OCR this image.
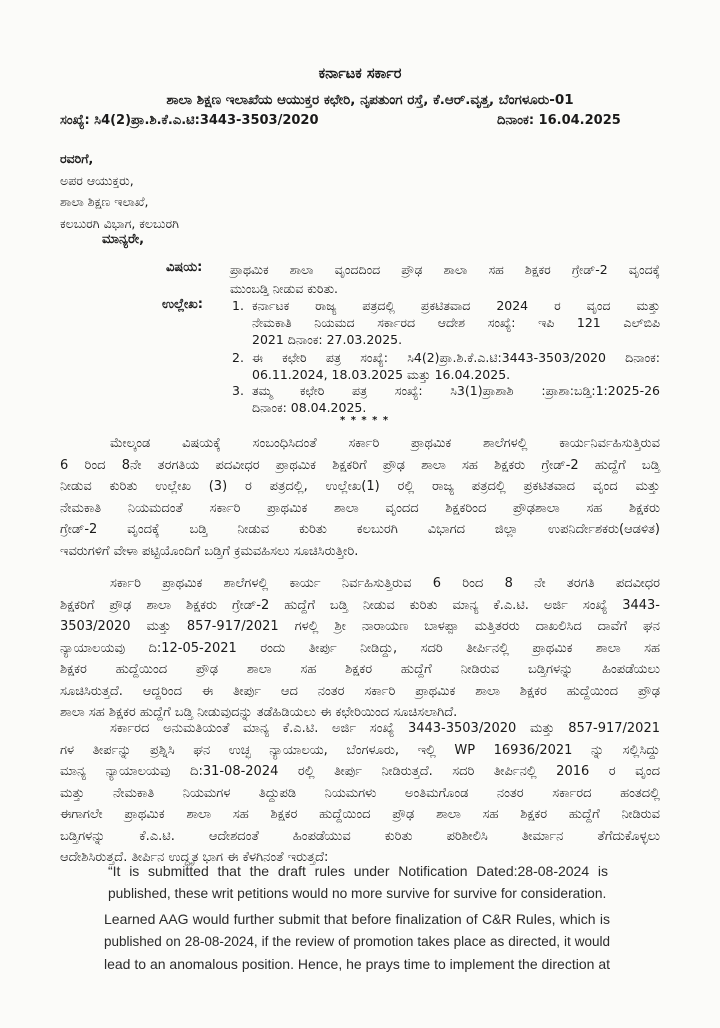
ಕರ್ನಾಟಕ ಸರ್ಕಾರ
ಶಾಲಾ ಶಿಕ್ಷಣ ಇಲಾಖೆಯ ಆಯುಕ್ತರ ಕಛೇರಿ, ನೃಪತುಂಗ ರಸ್ತೆ, ಕೆ.ಆರ್.ವೃತ್ತ, ಬೆಂಗಳೂರು-01
ಸಂಖ್ಯೆ: ಸಿ4(2)ಪ್ರಾ.ಶಿ.ಕೆ.ಎ.ಟಿ:3443-3503/2020	ದಿನಾಂಕ: 16.04.2025
ರವರಿಗೆ,
ಅಪರ ಆಯುಕ್ತರು,
ಶಾಲಾ ಶಿಕ್ಷಣ ಇಲಾಖೆ,
ಕಲಬುರಗಿ ವಿಭಾಗ, ಕಲಬುರಗಿ
ಮಾನ್ಯರೇ,
ವಿಷಯ: ಪ್ರಾಥಮಿಕ ಶಾಲಾ ವೃಂದದಿಂದ ಪ್ರೌಢ ಶಾಲಾ ಸಹ ಶಿಕ್ಷಕರ ಗ್ರೇಡ್-2 ವೃಂದಕ್ಕೆ
ಮುಂಬಡ್ತಿ ನೀಡುವ ಕುರಿತು.
ಉಲ್ಲೇಖ: 1. ಕರ್ನಾಟಕ ರಾಜ್ಯ ಪತ್ರದಲ್ಲಿ ಪ್ರಕಟಿತವಾದ 2024 ರ ವೃಂದ ಮತ್ತು
ನೇಮಕಾತಿ ನಿಯಮದ ಸರ್ಕಾರದ ಆದೇಶ ಸಂಖ್ಯೆ: ಇಪಿ 121 ಎಲ್‌ಬಿಪಿ
2021 ದಿನಾಂಕ: 27.03.2025.
2. ಈ ಕಛೇರಿ ಪತ್ರ ಸಂಖ್ಯೆ: ಸಿ4(2)ಪ್ರಾ.ಶಿ.ಕೆ.ಎ.ಟಿ:3443-3503/2020 ದಿನಾಂಕ:
06.11.2024, 18.03.2025 ಮತ್ತು 16.04.2025.
3. ತಮ್ಮ ಕಛೇರಿ ಪತ್ರ ಸಂಖ್ಯೆ: ಸಿ3(1)ಪ್ರಾಶಾಶಿ :ಪ್ರಾಶಾ:ಬಡ್ತಿ:1:2025-26
ದಿನಾಂಕ: 08.04.2025.
* * * * *
ಮೇಲ್ಕಂಡ ವಿಷಯಕ್ಕೆ ಸಂಬಂಧಿಸಿದಂತೆ ಸರ್ಕಾರಿ ಪ್ರಾಥಮಿಕ ಶಾಲೆಗಳಲ್ಲಿ ಕಾರ್ಯನಿರ್ವಹಿಸುತ್ತಿರುವ
6 ರಿಂದ 8ನೇ ತರಗತಿಯ ಪದವೀಧರ ಪ್ರಾಥಮಿಕ ಶಿಕ್ಷಕರಿಗೆ ಪ್ರೌಢ ಶಾಲಾ ಸಹ ಶಿಕ್ಷಕರು ಗ್ರೇಡ್-2 ಹುದ್ದೆಗೆ ಬಡ್ತಿ
ನೀಡುವ ಕುರಿತು ಉಲ್ಲೇಖ (3) ರ ಪತ್ರದಲ್ಲಿ, ಉಲ್ಲೇಖ(1) ರಲ್ಲಿ ರಾಜ್ಯ ಪತ್ರದಲ್ಲಿ ಪ್ರಕಟಿತವಾದ ವೃಂದ ಮತ್ತು
ನೇಮಕಾತಿ ನಿಯಮದಂತೆ ಸರ್ಕಾರಿ ಪ್ರಾಥಮಿಕ ಶಾಲಾ ವೃಂದದ ಶಿಕ್ಷಕರಿಂದ ಪ್ರೌಢಶಾಲಾ ಸಹ ಶಿಕ್ಷಕರು
ಗ್ರೇಡ್-2 ವೃಂದಕ್ಕೆ ಬಡ್ತಿ ನೀಡುವ ಕುರಿತು ಕಲಬುರಗಿ ವಿಭಾಗದ ಜಿಲ್ಲಾ ಉಪನಿರ್ದೇಶಕರು(ಆಡಳಿತ)
ಇವರುಗಳಿಗೆ ವೇಳಾ ಪಟ್ಟಿಯೊಂದಿಗೆ ಬಡ್ತಿಗೆ ಕ್ರಮವಹಿಸಲು ಸೂಚಿಸಿರುತ್ತೀರಿ.
ಸರ್ಕಾರಿ ಪ್ರಾಥಮಿಕ ಶಾಲೆಗಳಲ್ಲಿ ಕಾರ್ಯ ನಿರ್ವಹಿಸುತ್ತಿರುವ 6 ರಿಂದ 8 ನೇ ತರಗತಿ ಪದವೀಧರ
ಶಿಕ್ಷಕರಿಗೆ ಪ್ರೌಢ ಶಾಲಾ ಶಿಕ್ಷಕರು ಗ್ರೇಡ್-2 ಹುದ್ದೆಗೆ ಬಡ್ತಿ ನೀಡುವ ಕುರಿತು ಮಾನ್ಯ ಕೆ.ಎ.ಟಿ. ಅರ್ಜಿ ಸಂಖ್ಯೆ 3443-
3503/2020 ಮತ್ತು 857-917/2021 ಗಳಲ್ಲಿ ಶ್ರೀ ನಾರಾಯಣ ಬಾಳಪ್ಪಾ ಮತ್ತಿತರರು ದಾಖಲಿಸಿದ ದಾವೆಗೆ ಘನ
ನ್ಯಾಯಾಲಯವು ದಿ:12-05-2021 ರಂದು ತೀರ್ಪು ನೀಡಿದ್ದು, ಸದರಿ ತೀರ್ಪಿನಲ್ಲಿ ಪ್ರಾಥಮಿಕ ಶಾಲಾ ಸಹ
ಶಿಕ್ಷಕರ ಹುದ್ದೆಯಿಂದ ಪ್ರೌಢ ಶಾಲಾ ಸಹ ಶಿಕ್ಷಕರ ಹುದ್ದೆಗೆ ನೀಡಿರುವ ಬಡ್ತಿಗಳನ್ನು ಹಿಂಪಡೆಯಲು
ಸೂಚಿಸಿರುತ್ತದೆ. ಆದ್ದರಿಂದ ಈ ತೀರ್ಪು ಆದ ನಂತರ ಸರ್ಕಾರಿ ಪ್ರಾಥಮಿಕ ಶಾಲಾ ಶಿಕ್ಷಕರ ಹುದ್ದೆಯಿಂದ ಪ್ರೌಢ
ಶಾಲಾ ಸಹ ಶಿಕ್ಷಕರ ಹುದ್ದೆಗೆ ಬಡ್ತಿ ನೀಡುವುದನ್ನು ತಡೆಹಿಡಿಯಲು ಈ ಕಛೇರಿಯಿಂದ ಸೂಚಿಸಲಾಗಿದೆ.
ಸರ್ಕಾರದ ಅನುಮತಿಯಂತೆ ಮಾನ್ಯ ಕೆ.ಎ.ಟಿ. ಅರ್ಜಿ ಸಂಖ್ಯೆ 3443-3503/2020 ಮತ್ತು 857-917/2021
ಗಳ ತೀರ್ಪನ್ನು ಪ್ರಶ್ನಿಸಿ ಘನ ಉಚ್ಛ ನ್ಯಾಯಾಲಯ, ಬೆಂಗಳೂರು, ಇಲ್ಲಿ WP 16936/2021 ನ್ನು ಸಲ್ಲಿಸಿದ್ದು
ಮಾನ್ಯ ನ್ಯಾಯಾಲಯವು ದಿ:31-08-2024 ರಲ್ಲಿ ತೀರ್ಪು ನೀಡಿರುತ್ತದೆ. ಸದರಿ ತೀರ್ಪಿನಲ್ಲಿ 2016 ರ ವೃಂದ
ಮತ್ತು ನೇಮಕಾತಿ ನಿಯಮಗಳ ತಿದ್ದುಪಡಿ ನಿಯಮಗಳು ಅಂತಿಮಗೊಂಡ ನಂತರ ಸರ್ಕಾರದ ಹಂತದಲ್ಲಿ
ಈಗಾಗಲೇ ಪ್ರಾಥಮಿಕ ಶಾಲಾ ಸಹ ಶಿಕ್ಷಕರ ಹುದ್ದೆಯಿಂದ ಪ್ರೌಢ ಶಾಲಾ ಸಹ ಶಿಕ್ಷಕರ ಹುದ್ದೆಗೆ ನೀಡಿರುವ
ಬಡ್ತಿಗಳನ್ನು ಕೆ.ಎ.ಟಿ. ಆದೇಶದಂತೆ ಹಿಂಪಡೆಯುವ ಕುರಿತು ಪರಿಶೀಲಿಸಿ ತೀರ್ಮಾನ ತೆಗೆದುಕೊಳ್ಳಲು
ಆದೇಶಿಸಿರುತ್ತದೆ. ತೀರ್ಪಿನ ಉದ್ಧೃತ ಭಾಗ ಈ ಕೆಳಗಿನಂತೆ ಇರುತ್ತದೆ:
“It is submitted that the draft rules under Notification Dated:28-08-2024 is
published, these writ petitions would no more survive for survive for consideration.
Learned AAG would further submit that before finalization of C&R Rules, which is
published on 28-08-2024, if the review of promotion takes place as directed, it would
lead to an anomalous position. Hence, he prays time to implement the direction at
